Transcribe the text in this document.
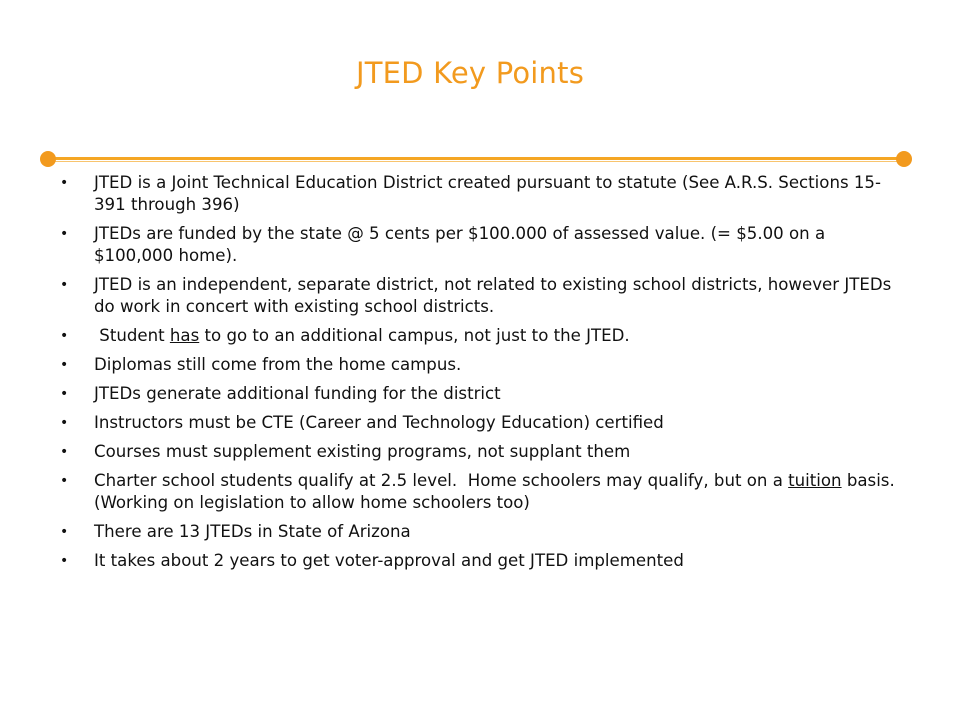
JTED Key Points
• JTED is a Joint Technical Education District created pursuant to statute (See A.R.S. Sections 15-391 through 396)
• JTEDs are funded by the state @ 5 cents per $100.000 of assessed value. (= $5.00 on a $100,000 home).
• JTED is an independent, separate district, not related to existing school districts, however JTEDs do work in concert with existing school districts.
• Student has to go to an additional campus, not just to the JTED.
• Diplomas still come from the home campus.
• JTEDs generate additional funding for the district
• Instructors must be CTE (Career and Technology Education) certified
• Courses must supplement existing programs, not supplant them
• Charter school students qualify at 2.5 level.  Home schoolers may qualify, but on a tuition basis.  (Working on legislation to allow home schoolers too)
• There are 13 JTEDs in State of Arizona
• It takes about 2 years to get voter-approval and get JTED implemented
